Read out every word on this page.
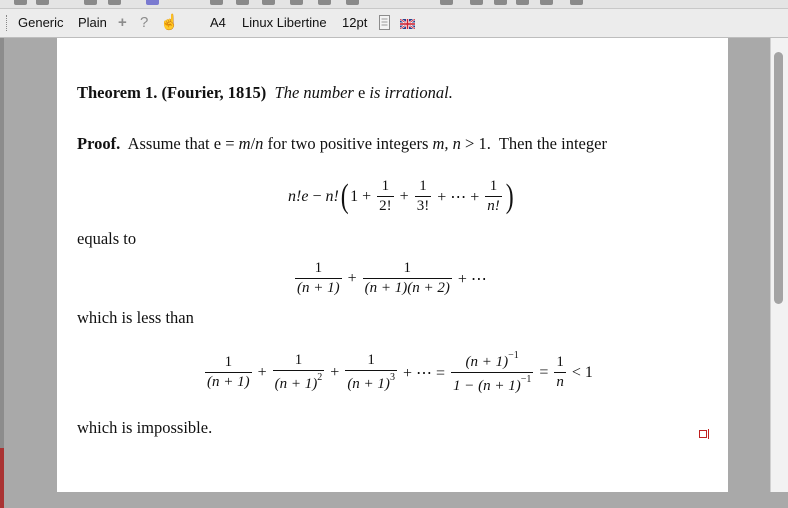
Generic Plain + ? ☝ A4 Linux Libertine 12pt
Theorem 1. (Fourier, 1815) The number e is irrational.
Proof. Assume that e = m/n for two positive integers m, n > 1. Then the integer
n!e − n! ( $1 + \frac{1}{2!} + \frac{1}{3!}$ + ⋯ + $\frac{1}{n!}$ )
equals to
$\frac{1}{(n + 1)} + \frac{1}{(n + 1)(n + 2)}$ + ⋯
which is less than
$\frac{1}{(n + 1)} + \frac{1}{(n + 1)^2} + \frac{1}{(n + 1)^3}$ + ⋯ = $\frac{(n + 1)^{-1}}{1 - (n + 1)^{-1}} = \frac{1}{n} < 1$
which is impossible.
